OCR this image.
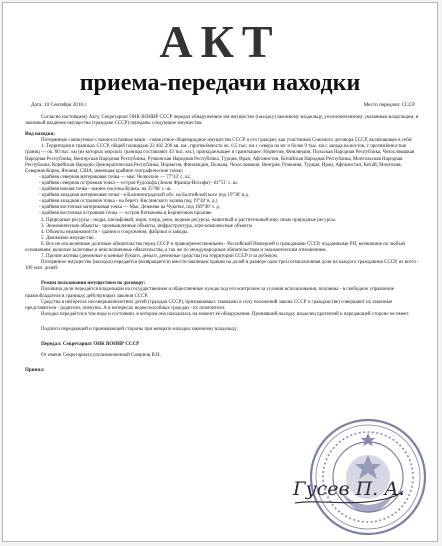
АКТ
приема-передачи находки
Дата: 10 Сентября 2016 г.	Место передачи: СССР

Согласно настоящему Акту, Секретариат ОНК ВОНИР СССР передал обнаруженное им имущество (находку) законному владельцу, уполномоченному указанным владельцем, в законный владение имущества (граждане СССР) переданы следующие имущества:

Вид находки:

Потерянные совокупные сложносоставные вещи - совокупное общенародное имущество СССР и его граждан, как участников Союзного договора СССР, включающее в себя:

1. Территория в границах СССР, общей площадью 22 402 200 кв. км., протяжённость ок. 6,5 тыс. км с севера на юг и более 9 тыс. км с запада на восток, с протяжённостью границ — ок. 60 тыс. км (из которых морских границы составляют 43 тыс. км.), принадлежащее и граничащее: Норвегия, Финляндия, Польская Народная Республика, Чехословацкая Народная Республика, Венгерская Народная Республика, Румынская Народная Республика, Турция, Иран, Афганистан, Китайская Народная Республика, Монгольская Народная Республика, Корейская Народно-Демократическая Республика, Норвегия, Финляндия, Польша, Чехословакия, Венгрия, Румыния, Турция, Иран, Афганистан, Китай, Монголия, Северная Корея, Япония, США, имеющая крайние географические точки:

- крайняя северная материковая точка — мыс Челюскин — 77°43' с. ш.;

- крайняя северная островная точка —остров Рудольфа (Земля Франца-Иосифа) - 81°51' с. ш.

- крайняя южная точка - южнее поселка Кушка, на 35°08' с. ш.

- крайняя западная материковая точка - в Калининградской обл. на Балтийской косе под 19°38' в.д.

- крайняя западная островная точка - на берегу Вислинского залива под 19°38' в. д.)

- крайняя восточная материковая точка — Мыс Дежнева на Чукотке, под 169°40' з. д.

- крайняя восточная островная точка — остров Ратманова в Беринговом проливе.

2. Природные ресурсы - недра, шельфовый, моря, озера, реки, водные ресурсы, животный и растительный мир, иные природные ресурсы.

3. Экономические объекты - промышленные объекты, инфраструктура, агро-комплексные объекты

4. Объекты недвижимости - здания и сооружения, фабрики и заводы.

5. Движимое имущество.

6. Все не исключённые долговые обязательства перед СССР и правопреемственными - Российской Империей и гражданами СССР, подданными РИ, возникшие по любым основаниям, включая залоговые и неисполненные обязательства, а так же по международным обязательствам и экономическим отношениям.

7. Прочие активы (денежные и ценные бумаги, деньги, денежные средства) на территории СССР и за рубежом.

Потерянное имущество (находка) передаётся (возвращается) вместе/законным правам на долей в размере одна трехсотмиллионная доля на каждого гражданина СССР, из всего - 100 млн. долей.

Режим пользования имуществом по договору:

Половина доли передаётся владельцам на государственные и общественные нужды под его контролем за условия использования, половина - в свободное управление правообладателя в границах действующих законов СССР.

Средства в интересах несовершеннолетних детей (граждан СССР), признаваемых таковыми в силу положений закона СССР о гражданстве) совершают их законные представители - родители, опекуны. А в интересах недееспособных граждан - их попечители.

Находка передаётся в том виде и состоянии, в котором она находилась на момент её обнаружения. Принявший находку владелец претензий к передающей стороне не имеет.

Подписи передающей и принимающей стороны при возврате находки законному владельцу:

Передал: Секретариат ОНК ВОНИР СССР

От имени Секретариата уполномоченный Смирнов В.Н.

Принял:

Гусев П. А.
